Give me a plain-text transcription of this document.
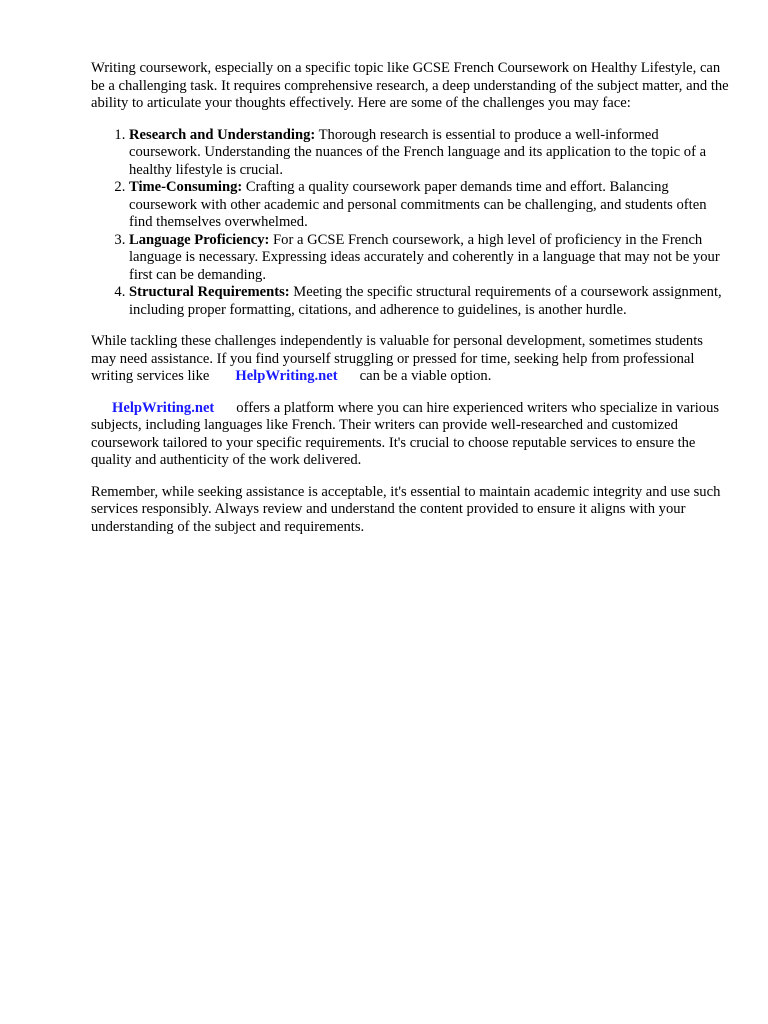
Writing coursework, especially on a specific topic like GCSE French Coursework on Healthy Lifestyle, can be a challenging task. It requires comprehensive research, a deep understanding of the subject matter, and the ability to articulate your thoughts effectively. Here are some of the challenges you may face:

1. Research and Understanding: Thorough research is essential to produce a well-informed coursework. Understanding the nuances of the French language and its application to the topic of a healthy lifestyle is crucial.
2. Time-Consuming: Crafting a quality coursework paper demands time and effort. Balancing coursework with other academic and personal commitments can be challenging, and students often find themselves overwhelmed.
3. Language Proficiency: For a GCSE French coursework, a high level of proficiency in the French language is necessary. Expressing ideas accurately and coherently in a language that may not be your first can be demanding.
4. Structural Requirements: Meeting the specific structural requirements of a coursework assignment, including proper formatting, citations, and adherence to guidelines, is another hurdle.

While tackling these challenges independently is valuable for personal development, sometimes students may need assistance. If you find yourself struggling or pressed for time, seeking help from professional writing services like HelpWriting.net can be a viable option.

HelpWriting.net offers a platform where you can hire experienced writers who specialize in various subjects, including languages like French. Their writers can provide well-researched and customized coursework tailored to your specific requirements. It's crucial to choose reputable services to ensure the quality and authenticity of the work delivered.

Remember, while seeking assistance is acceptable, it's essential to maintain academic integrity and use such services responsibly. Always review and understand the content provided to ensure it aligns with your understanding of the subject and requirements.
